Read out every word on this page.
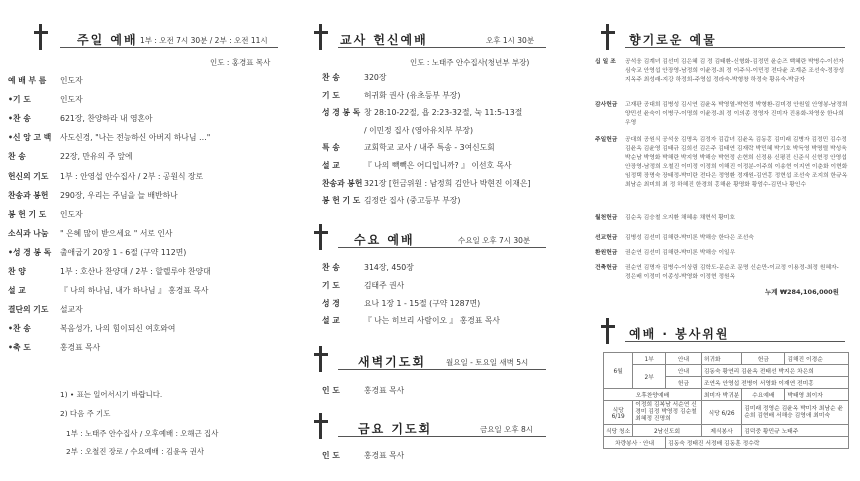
주일 예배 1부 : 오전 7시 30분 / 2부 : 오전 11시
인도 : 홍경표 목사
예 배 부 름 인도자
•기 도	인도자
•찬 송	621장, 찬양하라 내 영혼아
•신 앙 고 백 사도신경, "나는 전능하신 아버지 하나님 …"
찬 송	22장, 만유의 주 앞에
헌신의 기도 1부 : 안영섭 안수집사 / 2부 : 공원식 장로
찬송과 봉헌 290장, 우리는 주님을 늘 배반하나
봉 헌 기 도 인도자
소식과 나눔 " 은혜 많이 받으세요 " 서로 인사
•성 경 봉 독 출애굽기 20장 1 - 6절 (구약 112면)
찬 양	1부 : 호산나 찬양대 / 2부 : 할렐루야 찬양대
설 교	『 나의 하나님, 내가 하나님 』 홍경표 목사
결단의 기도 설교자
•찬 송	복음성가, 나의 힘이되신 여호와여
•축 도	홍경표 목사
1) • 표는 일어서시기 바랍니다.
2) 다음 주 기도
1부 : 노태주 안수집사 / 오후예배 : 오해근 집사
2부 : 오철진 장로 / 수요예배 : 김윤옥 권사
교사 헌신예배	오후 1시 30분
인도 : 노태주 안수집사(청년부 부장)
찬 송	320장
기 도	허귀화 권사 (유초등부 부장)
성 경 봉 독 창 28:10-22절, 욥 2:23-32절, 눅 11:5-13절
/ 이민정 집사 (영아유치부 부장)
특 송	교회학교 교사 / 내주 특송 - 3여신도회
설 교	『 나의 빽빽은 어디입니까? 』 이선호 목사
찬송과 봉헌 321장 [헌금위원 : 남정희 김안나 박현진 이재은]
봉 헌 기 도 김정란 집사 (중고등부 부장)
수요 예배	수요일 오후 7시 30분
찬 송	314장, 450장
기 도	김태주 권사
성 경	요나 1장 1 - 15절 (구약 1287면)
설 교	『 나는 히브리 사람이오 』 홍경표 목사
새벽기도회	월요일 - 토요일 새벽 5시
인 도	홍경표 목사
금요 기도회	금요일 오후 8시
인 도	홍경표 목사
향기로운 예물
십 일 조	공석웅 김계녀 김선미 김은혜 김 정 김태환-신형화-김정민 윤순즈 백혜란 박병수-이선자 심숙교 안영섭 안장영-남정희 이윤정-최 정 이주식-이민정 전다윤 조계준 조선숙-정장성 지옥주 최성래-지강 하정희-주영섭 정라숙-박형창 하정숙 황유숙-박금자
감사헌금	고재판 공대희 김병성 김시연 김윤옥 박영열-박현정 박형환-김미경 안원일 안영봉-남정희 양민선 윤숙이 이병구-이명희 이윤정-최 정 이의종 정영자 진미자 진용화-차영웅 한나희 우영
주일헌금	공대희 공원식 공석웅 김명옥 김정자 김갑녀 김윤옥 김동홍 김미래 김병자 김정민 김수정 김윤옥 김윤영 김태규 김희선 김은주 김태연 김재락 박민혜 박기호 박득영 박명렬 박성욱 박순남 박영화 박해란 박지영 박해승 박현정 손현희 신정용 신평진 신준식 신현정 안영섭 안장영-남정희 오철진 이미정 이정희 이해진 이정분-이주희 이송현 이지연 이춘화 이현화 임정택 장명숙 장태정-박미란 전다은 정영환 정재원-김연홍 정현섭 조선숙 조지희 한규옥 최남순 최미희 최 정 하헤진 한경희 홍해윤 황명화 황엄수-김민나 황인수
월천헌금	김순옥 김승철 오지환 채혜송 채현석 황미호
선교헌금	김병성 김선미 김해란-박미론 박해승 한다은 조선숙
환원헌금	권순연 김선미 김해란-박미론 박해승 이일우
건축헌금	권순연 김명자 김병수-이상림 김학도-문순조 문명 신순만-이교정 이용정-최정 원혜자-정은배 이정미 이종성-박영화 이정현 정원옥
누계 ₩284,106,000원
예배 · 봉사위원
6월	1부	안내	허귀화	헌금	김해진 이경순
	2부	안내	김동숙 황연리 김윤옥 전태선 박지은 차은희		
		헌금	조연옥 안영섭 전병이 서영화 이재연 전미홍		
오후찬양예배			최미자 박귀분	수요예배	박태영 최이자
식당 6/19	이정희 김복남 서순연 신경미 김정 박영정 김순철 최혜정 진명희		식당 6/26	김미래 정영순 김윤옥 박미자 최남순 윤순희 김현배 서해승 김영애 최미숙	
식당 청소	2남신도회		제식봉사	김덕중 황민규 노태주	
차량봉사 · 안내		김동숙 정태진 서정배 김동훈 정수락			
